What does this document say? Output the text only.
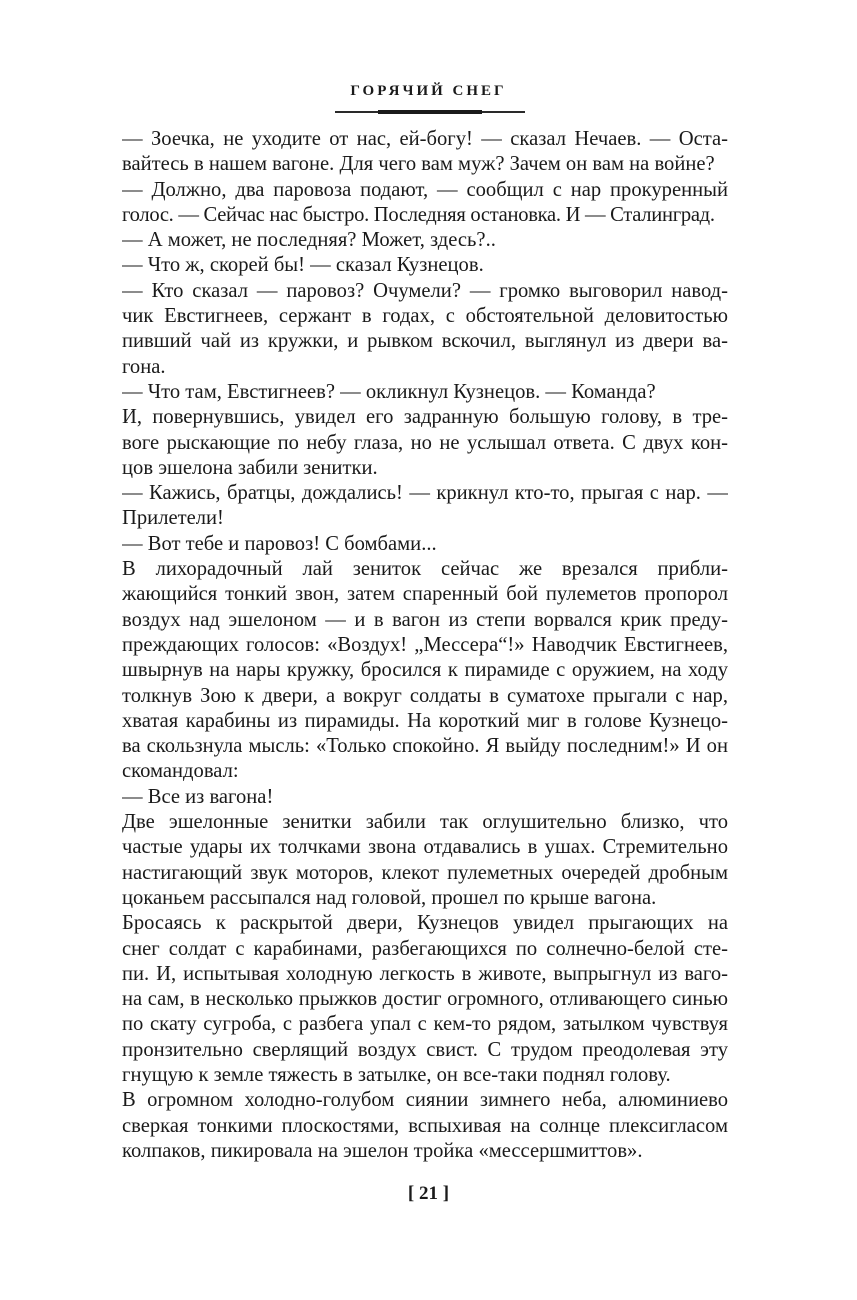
ГОРЯЧИЙ СНЕГ
— Зоечка, не уходите от нас, ей-богу! — сказал Нечаев. — Оста-
вайтесь в нашем вагоне. Для чего вам муж? Зачем он вам на войне?
— Должно, два паровоза подают, — сообщил с нар прокуренный
голос. — Сейчас нас быстро. Последняя остановка. И — Сталинград.
— А может, не последняя? Может, здесь?..
— Что ж, скорей бы! — сказал Кузнецов.
— Кто сказал — паровоз? Очумели? — громко выговорил навод-
чик Евстигнеев, сержант в годах, с обстоятельной деловитостью
пивший чай из кружки, и рывком вскочил, выглянул из двери ва-
гона.
— Что там, Евстигнеев? — окликнул Кузнецов. — Команда?
И, повернувшись, увидел его задранную большую голову, в тре-
воге рыскающие по небу глаза, но не услышал ответа. С двух кон-
цов эшелона забили зенитки.
— Кажись, братцы, дождались! — крикнул кто-то, прыгая с нар. —
Прилетели!
— Вот тебе и паровоз! С бомбами...
В лихорадочный лай зениток сейчас же врезался прибли-
жающийся тонкий звон, затем спаренный бой пулеметов пропорол
воздух над эшелоном — и в вагон из степи ворвался крик преду-
преждающих голосов: «Воздух! „Мессера“!» Наводчик Евстигнеев,
швырнув на нары кружку, бросился к пирамиде с оружием, на ходу
толкнув Зою к двери, а вокруг солдаты в суматохе прыгали с нар,
хватая карабины из пирамиды. На короткий миг в голове Кузнецо-
ва скользнула мысль: «Только спокойно. Я выйду последним!» И он
скомандовал:
— Все из вагона!
Две эшелонные зенитки забили так оглушительно близко, что
частые удары их толчками звона отдавались в ушах. Стремительно
настигающий звук моторов, клекот пулеметных очередей дробным
цоканьем рассыпался над головой, прошел по крыше вагона.
Бросаясь к раскрытой двери, Кузнецов увидел прыгающих на
снег солдат с карабинами, разбегающихся по солнечно-белой сте-
пи. И, испытывая холодную легкость в животе, выпрыгнул из ваго-
на сам, в несколько прыжков достиг огромного, отливающего синью
по скату сугроба, с разбега упал с кем-то рядом, затылком чувствуя
пронзительно сверлящий воздух свист. С трудом преодолевая эту
гнущую к земле тяжесть в затылке, он все-таки поднял голову.
В огромном холодно-голубом сиянии зимнего неба, алюминиево
сверкая тонкими плоскостями, вспыхивая на солнце плексигласом
колпаков, пикировала на эшелон тройка «мессершмиттов».
[ 21 ]
